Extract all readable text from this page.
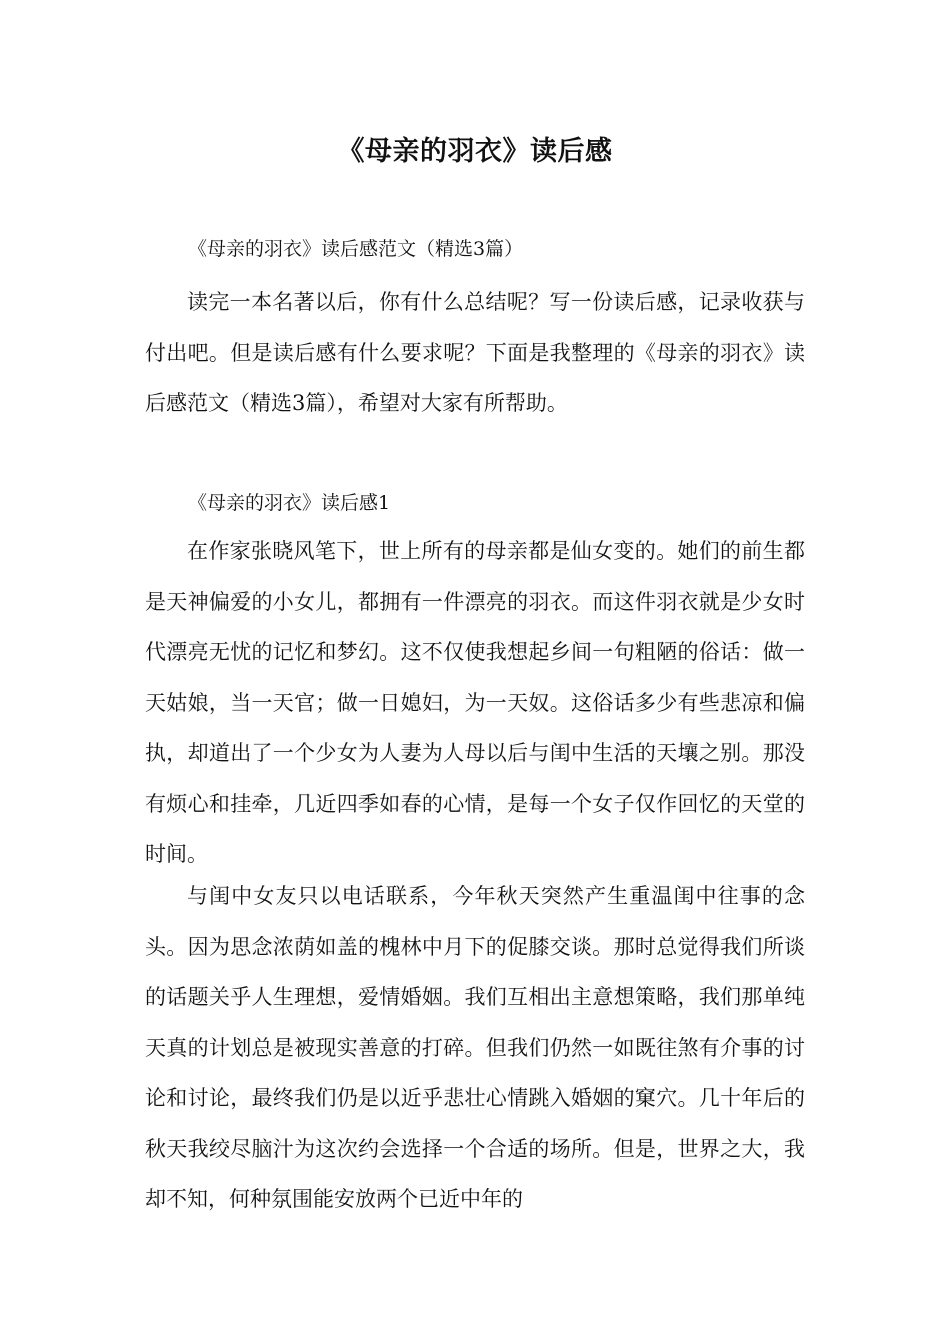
《母亲的羽衣》读后感
《母亲的羽衣》读后感范文（精选3篇）
读完一本名著以后，你有什么总结呢？写一份读后感，记录收获与付出吧。但是读后感有什么要求呢？下面是我整理的《母亲的羽衣》读后感范文（精选3篇），希望对大家有所帮助。
《母亲的羽衣》读后感1
在作家张晓风笔下，世上所有的母亲都是仙女变的。她们的前生都是天神偏爱的小女儿，都拥有一件漂亮的羽衣。而这件羽衣就是少女时代漂亮无忧的记忆和梦幻。这不仅使我想起乡间一句粗陋的俗话：做一天姑娘，当一天官；做一日媳妇，为一天奴。这俗话多少有些悲凉和偏执，却道出了一个少女为人妻为人母以后与闺中生活的天壤之别。那没有烦心和挂牵，几近四季如春的心情，是每一个女子仅作回忆的天堂的时间。
与闺中女友只以电话联系，今年秋天突然产生重温闺中往事的念头。因为思念浓荫如盖的槐林中月下的促膝交谈。那时总觉得我们所谈的话题关乎人生理想，爱情婚姻。我们互相出主意想策略，我们那单纯天真的计划总是被现实善意的打碎。但我们仍然一如既往煞有介事的讨论和讨论，最终我们仍是以近乎悲壮心情跳入婚姻的窠穴。几十年后的秋天我绞尽脑汁为这次约会选择一个合适的场所。但是，世界之大，我却不知，何种氛围能安放两个已近中年的
